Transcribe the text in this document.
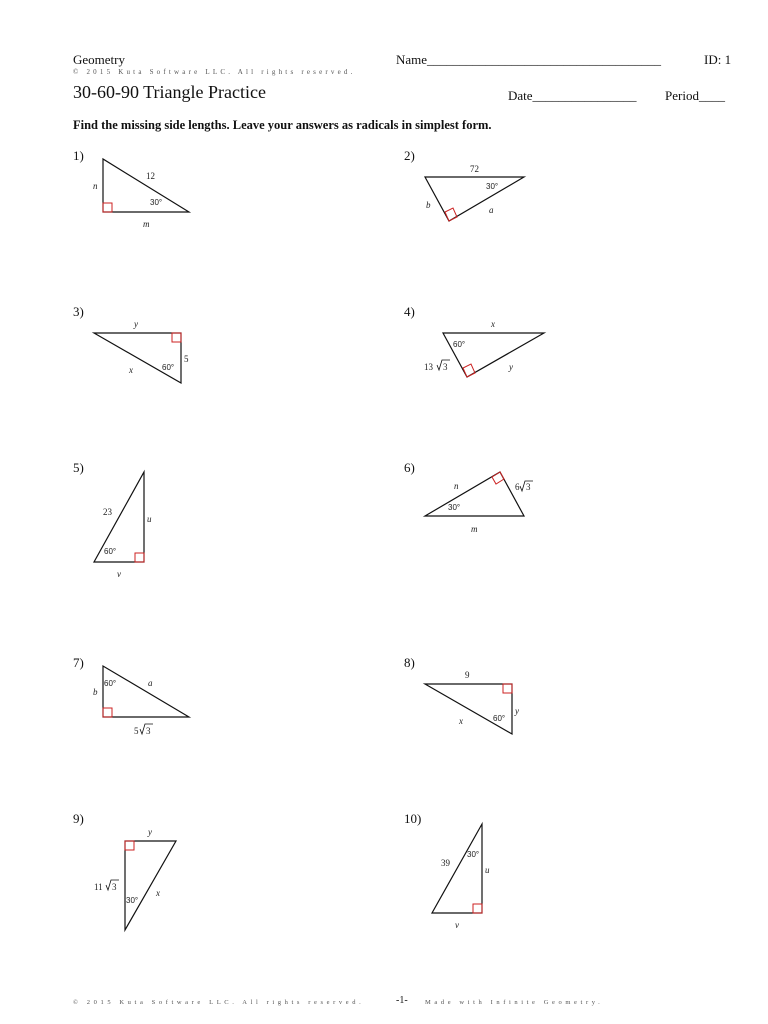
Geometry	Name____________________________________	ID: 1
© 2015 Kuta Software LLC. All rights reserved.
30-60-90 Triangle Practice	Date________________ Period____
Find the missing side lengths. Leave your answers as radicals in simplest form.
1)	2)
3)	4)
5)	6)
7)	8)
9)	10)
12
n
m
30°
72
30°
b	a
y
x
5
60°
x
60°
13 3	y
23
u
v
60°
n	6 3
30°
m
60°
b
a
5 3
9
x
y
60°
y
11 3
30°
x
39
30°
u
v
© 2015 Kuta Software LLC. All rights reserved.	-1-	Made with Infinite Geometry.
